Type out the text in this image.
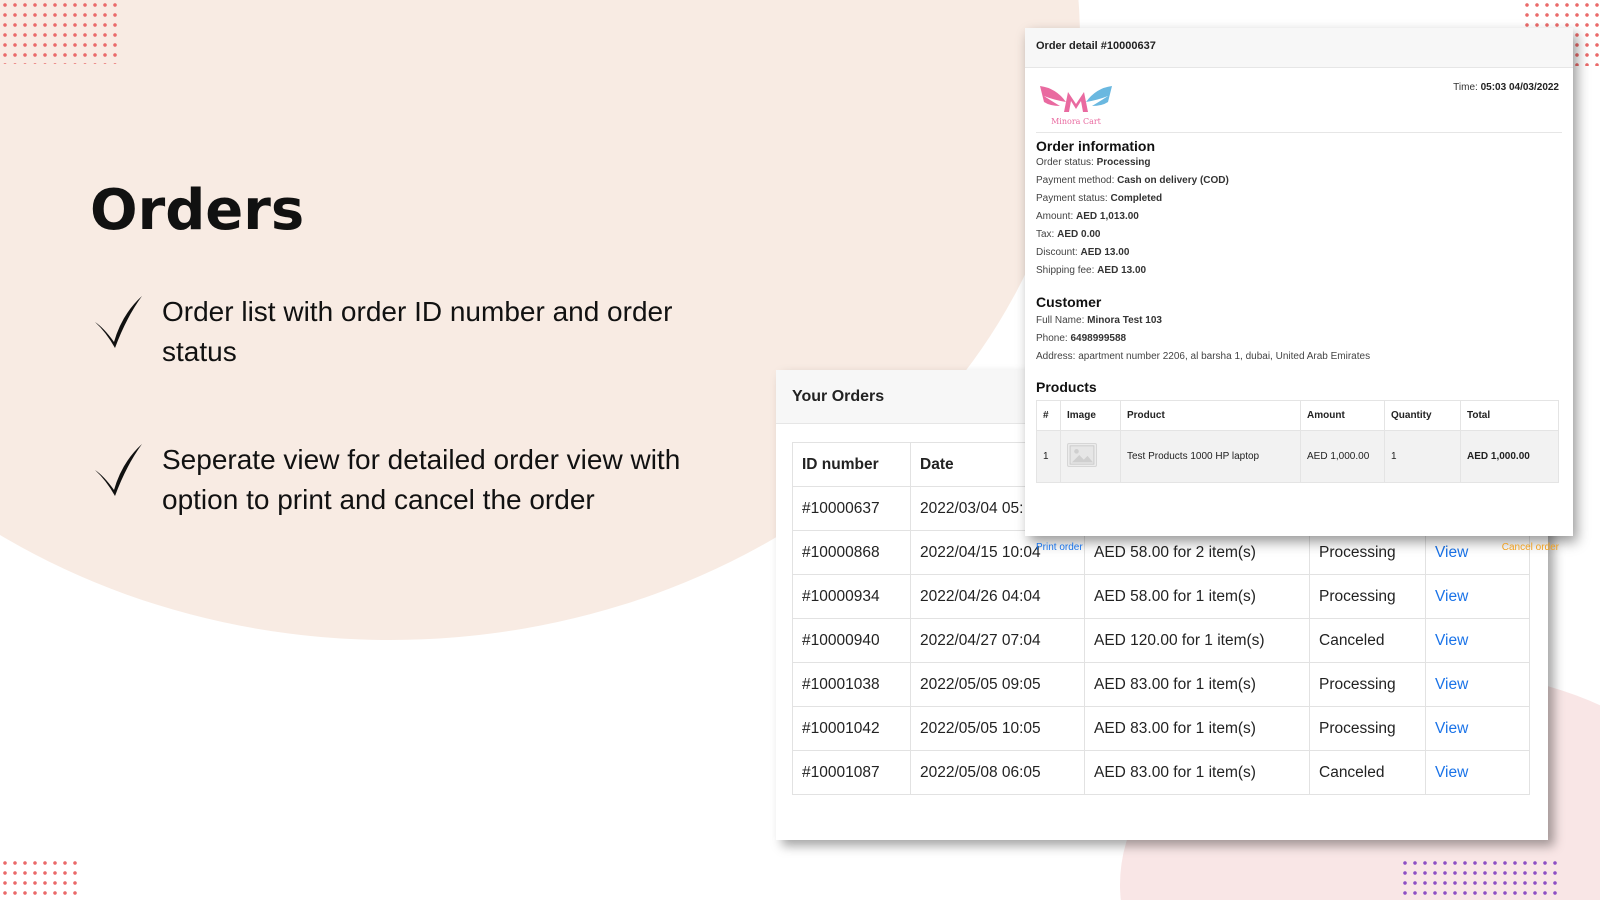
Orders
Order list with order ID number and order status
Seperate view for detailed order view with option to print and cancel the order
Your Orders
ID number	Date			
#10000637	2022/03/04 05:			
#10000868	2022/04/15 10:04	AED 58.00 for 2 item(s)	Processing	View
#10000934	2022/04/26 04:04	AED 58.00 for 1 item(s)	Processing	View
#10000940	2022/04/27 07:04	AED 120.00 for 1 item(s)	Canceled	View
#10001038	2022/05/05 09:05	AED 83.00 for 1 item(s)	Processing	View
#10001042	2022/05/05 10:05	AED 83.00 for 1 item(s)	Processing	View
#10001087	2022/05/08 06:05	AED 83.00 for 1 item(s)	Canceled	View
Order detail #10000637
Minora Cart
Time: 05:03 04/03/2022
Order information
Order status: Processing
Payment method: Cash on delivery (COD)
Payment status: Completed
Amount: AED 1,013.00
Tax: AED 0.00
Discount: AED 13.00
Shipping fee: AED 13.00
Customer
Full Name: Minora Test 103
Phone: 6498999588
Address: apartment number 2206, al barsha 1, dubai, United Arab Emirates
Products
#	Image	Product	Amount	Quantity	Total
1		Test Products 1000 HP laptop	AED 1,000.00	1	AED 1,000.00
Print order	Cancel order
